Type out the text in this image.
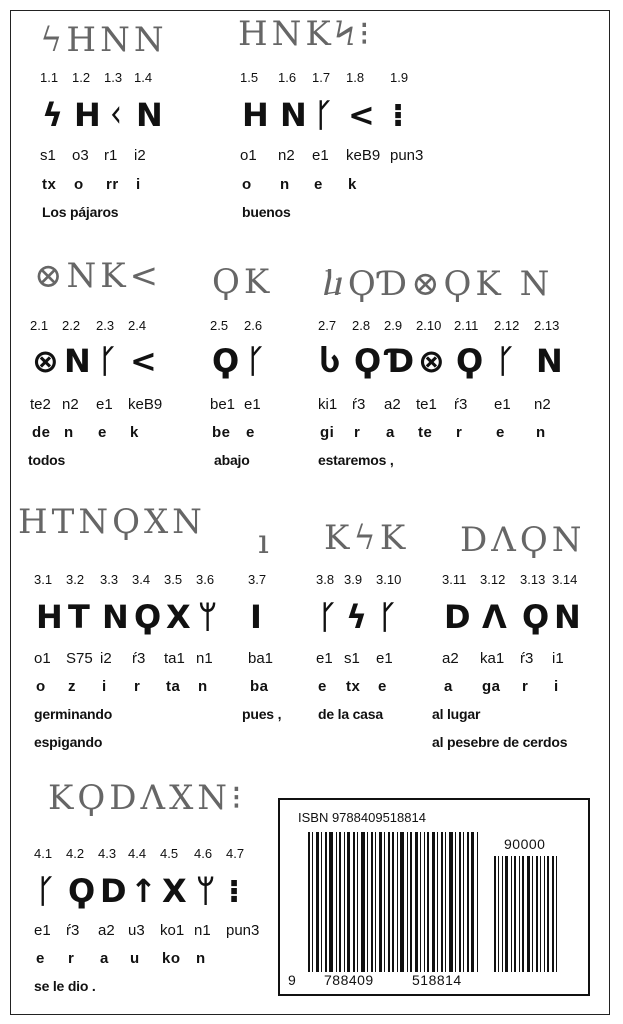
ϟΗΝΝ ΗΝΚϞ⁝
⊗ΝΚ< ϘΚ ⴑϘƊ⊗ϘΚ Ν
ΗΤΝϘΧΝ ı ΚϟΚ DΛϘΝ
ΚϘDΛΧΝ⁝	ISBN 9788409518814
90000
9 788409	518814
1.1 1.2 1.3 1.4
ϟ H ᚲ Ν
s1 o3 r1 i2
tx o rr i
Los pájaros
1.5 1.6 1.7 1.8 1.9
H Ν ᚴ < ⁝
o1 n2 e1 keB9 pun3
o n e k
buenos
2.1 2.2 2.3 2.4
⊗ Ν ᚴ <
te2 n2 e1 keB9
de n e k
todos
2.5 2.6
Ϙ ᚴ
be1 e1
be e
abajo
2.7 2.8 2.9 2.10 2.11 2.12 2.13
Ⴑ Ϙ Ɗ ⊗ Ϙ ᚴ Ν
ki1 ŕ3 a2 te1 ŕ3 e1 n2
gi r a te r e n
estaremos ,
3.1 3.2 3.3 3.4 3.5 3.6
H T N Ϙ X ᛘ
o1 S75 i2 ŕ3 ta1 n1
o z i r ta n
germinando
espigando
3.7
I
ba1
ba
pues ,
3.8 3.9 3.10
ᚴ ϟ ᚴ
e1 s1 e1
e tx e
de la casa
3.11 3.12 3.13 3.14
D Λ Ϙ Ν
a2 ka1 ŕ3 i1
a ga r i
al lugar
al pesebre de cerdos
4.1 4.2 4.3 4.4 4.5 4.6 4.7
ᚴ Ϙ D ↑ X ᛘ ⁝
e1 ŕ3 a2 u3 ko1 n1 pun3
e r a u ko n
se le dio .
